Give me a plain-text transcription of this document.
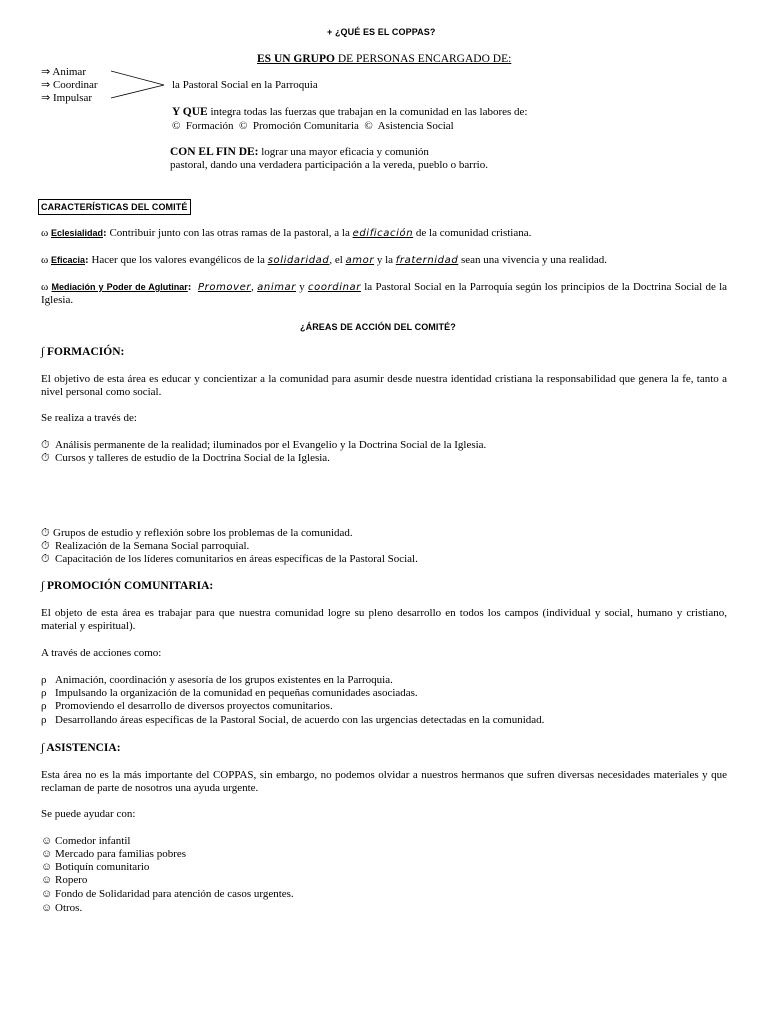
+ ¿QUÉ ES EL COPPAS?
ES UN GRUPO DE PERSONAS ENCARGADO DE:
⇒ Animar
⇒ Coordinar
⇒ Impulsar
la Pastoral Social en la Parroquia
Y QUE integra todas las fuerzas que trabajan en la comunidad en las labores de:
© Formación © Promoción Comunitaria © Asistencia Social
CON EL FIN DE: lograr una mayor eficacia y comunión
pastoral, dando una verdadera participación a la vereda, pueblo o barrio.
CARACTERÍSTICAS DEL COMITÉ
ω Eclesialidad: Contribuir junto con las otras ramas de la pastoral, a la edificación de la comunidad cristiana.
ω Eficacia: Hacer que los valores evangélicos de la solidaridad, el amor y la fraternidad sean una vivencia y una realidad.
ω Mediación y Poder de Aglutinar: Promover, animar y coordinar la Pastoral Social en la Parroquia según los principios de la Doctrina Social de la Iglesia.
¿ÁREAS DE ACCIÓN DEL COMITÉ?
∫ FORMACIÓN:
El objetivo de esta área es educar y concientizar a la comunidad para asumir desde nuestra identidad cristiana la responsabilidad que genera la fe, tanto a nivel personal como social.
Se realiza a través de:
⏱ Análisis permanente de la realidad; iluminados por el Evangelio y la Doctrina Social de la Iglesia.
⏱ Cursos y talleres de estudio de la Doctrina Social de la Iglesia.
⏱ Grupos de estudio y reflexión sobre los problemas de la comunidad.
⏱ Realización de la Semana Social parroquial.
⏱ Capacitación de los líderes comunitarios en áreas específicas de la Pastoral Social.
∫ PROMOCIÓN COMUNITARIA:
El objeto de esta área es trabajar para que nuestra comunidad logre su pleno desarrollo en todos los campos (individual y social, humano y cristiano, material y espiritual).
A través de acciones como:
ρ Animación, coordinación y asesoría de los grupos existentes en la Parroquia.
ρ Impulsando la organización de la comunidad en pequeñas comunidades asociadas.
ρ Promoviendo el desarrollo de diversos proyectos comunitarios.
ρ Desarrollando áreas específicas de la Pastoral Social, de acuerdo con las urgencias detectadas en la comunidad.
∫ ASISTENCIA:
Esta área no es la más importante del COPPAS, sin embargo, no podemos olvidar a nuestros hermanos que sufren diversas necesidades materiales y que reclaman de parte de nosotros una ayuda urgente.
Se puede ayudar con:
☺ Comedor infantil
☺ Mercado para familias pobres
☺ Botiquín comunitario
☺ Ropero
☺ Fondo de Solidaridad para atención de casos urgentes.
☺ Otros.
